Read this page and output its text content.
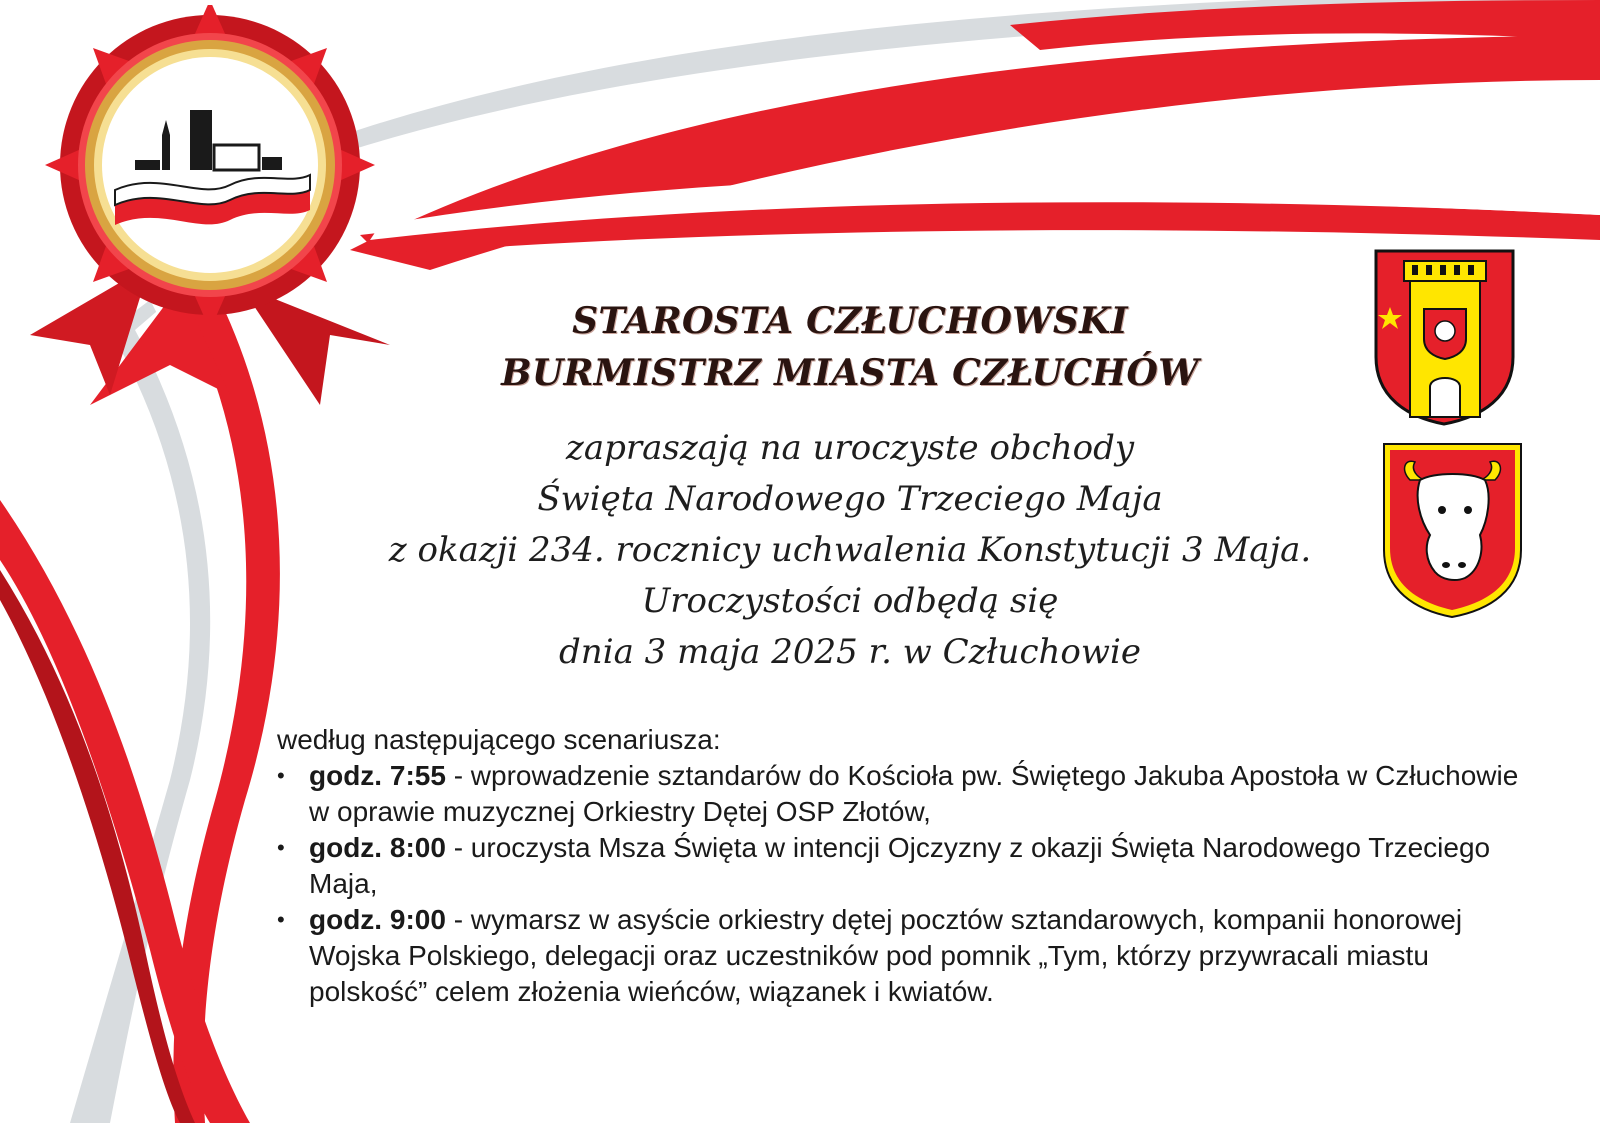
STAROSTA CZŁUCHOWSKI
BURMISTRZ MIASTA CZŁUCHÓW
zapraszają na uroczyste obchody
Święta Narodowego Trzeciego Maja
z okazji 234. rocznicy uchwalenia Konstytucji 3 Maja.
Uroczystości odbędą się
dnia 3 maja 2025 r. w Człuchowie
według następującego scenariusza:
• godz. 7:55 - wprowadzenie sztandarów do Kościoła pw. Świętego Jakuba Apostoła w Człuchowie w oprawie muzycznej Orkiestry Dętej OSP Złotów,
• godz. 8:00 - uroczysta Msza Święta w intencji Ojczyzny z okazji Święta Narodowego Trzeciego Maja,
• godz. 9:00 - wymarsz w asyście orkiestry dętej pocztów sztandarowych, kompanii honorowej Wojska Polskiego, delegacji oraz uczestników pod pomnik „Tym, którzy przywracali miastu polskość” celem złożenia wieńców, wiązanek i kwiatów.
